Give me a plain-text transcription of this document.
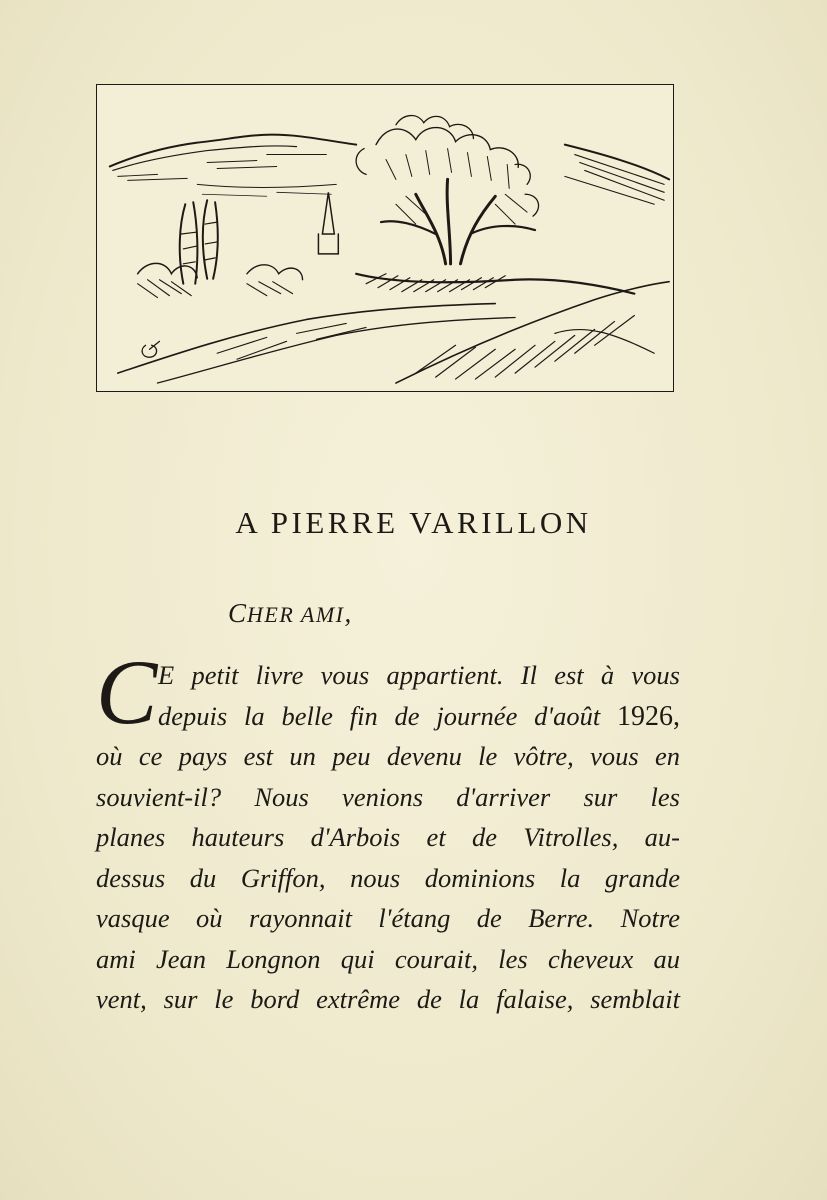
A PIERRE VARILLON
CHER AMI,
C E petit livre vous appartient. Il est à vous
depuis la belle fin de journée d'août 1926,
où ce pays est un peu devenu le vôtre, vous en
souvient-il? Nous venions d'arriver sur les
planes hauteurs d'Arbois et de Vitrolles, au-
dessus du Griffon, nous dominions la grande
vasque où rayonnait l'étang de Berre. Notre
ami Jean Longnon qui courait, les cheveux au
vent, sur le bord extrême de la falaise, semblait
